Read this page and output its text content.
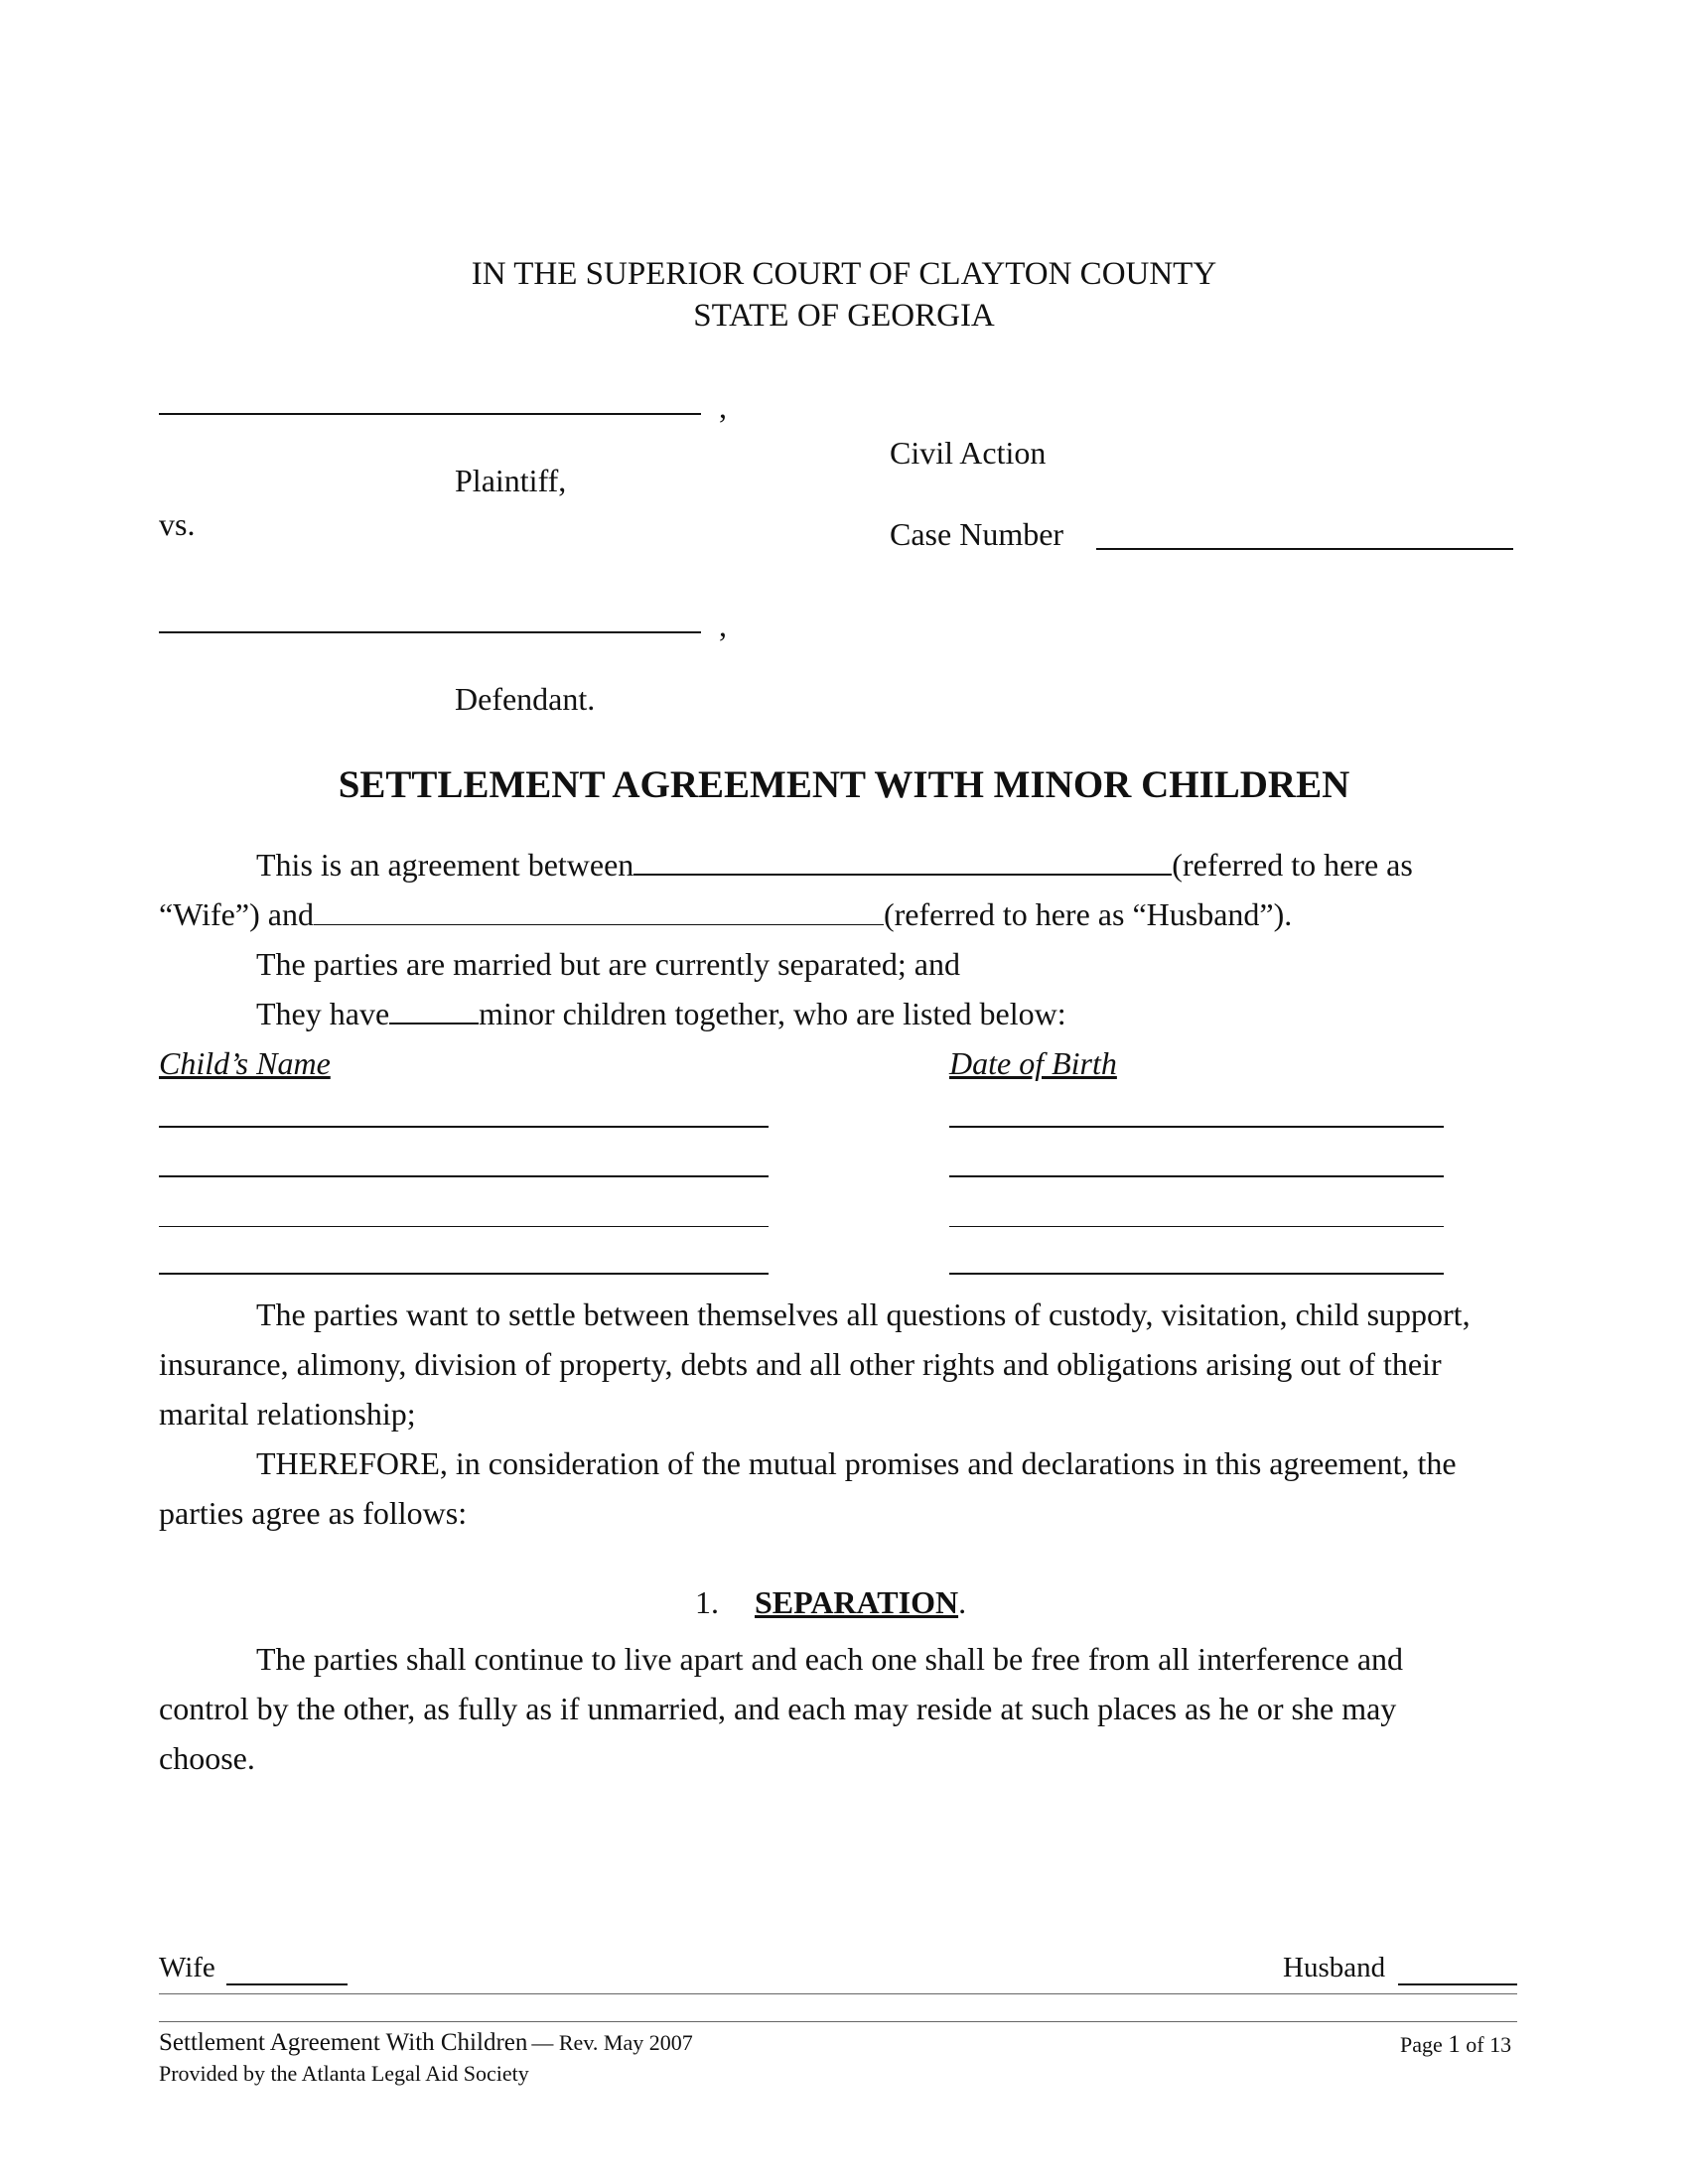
IN THE SUPERIOR COURT OF CLAYTON COUNTY
STATE OF GEORGIA
,
Plaintiff,
vs.
Civil Action
Case Number
,
Defendant.
SETTLEMENT AGREEMENT WITH MINOR CHILDREN
This is an agreement between	(referred to here as
“Wife”) and	(referred to here as “Husband”).
The parties are married but are currently separated; and
They have	minor children together, who are listed below:
Child’s Name	Date of Birth
The parties want to settle between themselves all questions of custody, visitation, child support,
insurance, alimony, division of property, debts and all other rights and obligations arising out of their
marital relationship;
THEREFORE, in consideration of the mutual promises and declarations in this agreement, the
parties agree as follows:
1. SEPARATION.
The parties shall continue to live apart and each one shall be free from all interference and
control by the other, as fully as if unmarried, and each may reside at such places as he or she may
choose.
Wife	Husband
Settlement Agreement With Children — Rev. May 2007
Provided by the Atlanta Legal Aid Society
Page 1 of 13
